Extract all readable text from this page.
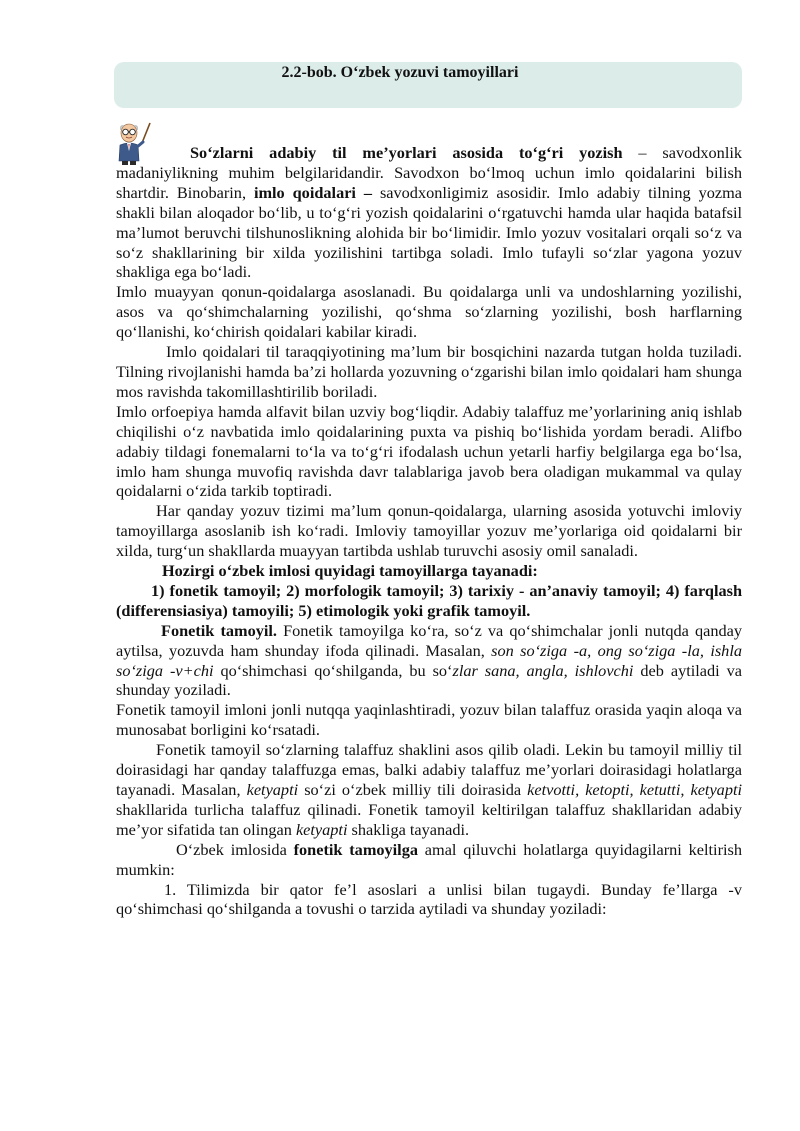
2.2-bob. O‘zbek yozuvi tamoyillari

So‘zlarni adabiy til me’yorlari asosida to‘g‘ri yozish – savodxonlik madaniylikning muhim belgilaridandir. Savodxon bo‘lmoq uchun imlo qoidalarini bilish shartdir. Binobarin, imlo qoidalari – savodxonligimiz asosidir. Imlo adabiy tilning yozma shakli bilan aloqador bo‘lib, u to‘g‘ri yozish qoidalarini o‘rgatuvchi hamda ular haqida batafsil ma’lumot beruvchi tilshunoslikning alohida bir bo‘limidir. Imlo yozuv vositalari orqali so‘z va so‘z shakllarining bir xilda yozilishini tartibga soladi. Imlo tufayli so‘zlar yagona yozuv shakliga ega bo‘ladi.

Imlo muayyan qonun-qoidalarga asoslanadi. Bu qoidalarga unli va undoshlarning yozilishi, asos va qo‘shimchalarning yozilishi, qo‘shma so‘zlarning yozilishi, bosh harflarning qo‘llanishi, ko‘chirish qoidalari kabilar kiradi.

Imlo qoidalari til taraqqiyotining ma’lum bir bosqichini nazarda tutgan holda tuziladi. Tilning rivojlanishi hamda ba’zi hollarda yozuvning o‘zgarishi bilan imlo qoidalari ham shunga mos ravishda takomillashtirilib boriladi.

Imlo orfoepiya hamda alfavit bilan uzviy bog‘liqdir. Adabiy talaffuz me’yorlarining aniq ishlab chiqilishi o‘z navbatida imlo qoidalarining puxta va pishiq bo‘lishida yordam beradi. Alifbo adabiy tildagi fonemalarni to‘la va to‘g‘ri ifodalash uchun yetarli harfiy belgilarga ega bo‘lsa, imlo ham shunga muvofiq ravishda davr talablariga javob bera oladigan mukammal va qulay qoidalarni o‘zida tarkib toptiradi.

Har qanday yozuv tizimi ma’lum qonun-qoidalarga, ularning asosida yotuvchi imloviy tamoyillarga asoslanib ish ko‘radi. Imloviy tamoyillar yozuv me’yorlariga oid qoidalarni bir xilda, turg‘un shakllarda muayyan tartibda ushlab turuvchi asosiy omil sanaladi.

Hozirgi o‘zbek imlosi quyidagi tamoyillarga tayanadi:

1) fonetik tamoyil; 2) morfologik tamoyil; 3) tarixiy - an’anaviy tamoyil; 4) farqlash (differensiasiya) tamoyili; 5) etimologik yoki grafik tamoyil.

Fonetik tamoyil. Fonetik tamoyilga ko‘ra, so‘z va qo‘shimchalar jonli nutqda qanday aytilsa, yozuvda ham shunday ifoda qilinadi. Masalan, son so‘ziga -a, ong so‘ziga -la, ishla so‘ziga -v+chi qo‘shimchasi qo‘shilganda, bu so‘zlar sana, angla, ishlovchi deb aytiladi va shunday yoziladi.

Fonetik tamoyil imloni jonli nutqqa yaqinlashtiradi, yozuv bilan talaffuz orasida yaqin aloqa va munosabat borligini ko‘rsatadi.

Fonetik tamoyil so‘zlarning talaffuz shaklini asos qilib oladi. Lekin bu tamoyil milliy til doirasidagi har qanday talaffuzga emas, balki adabiy talaffuz me’yorlari doirasidagi holatlarga tayanadi. Masalan, ketyapti so‘zi o‘zbek milliy tili doirasida ketvotti, ketopti, ketutti, ketyapti shakllarida turlicha talaffuz qilinadi. Fonetik tamoyil keltirilgan talaffuz shakllaridan adabiy me’yor sifatida tan olingan ketyapti shakliga tayanadi.

O‘zbek imlosida fonetik tamoyilga amal qiluvchi holatlarga quyidagilarni keltirish mumkin:

1. Tilimizda bir qator fe’l asoslari a unlisi bilan tugaydi. Bunday fe’llarga -v qo‘shimchasi qo‘shilganda a tovushi o tarzida aytiladi va shunday yoziladi:
